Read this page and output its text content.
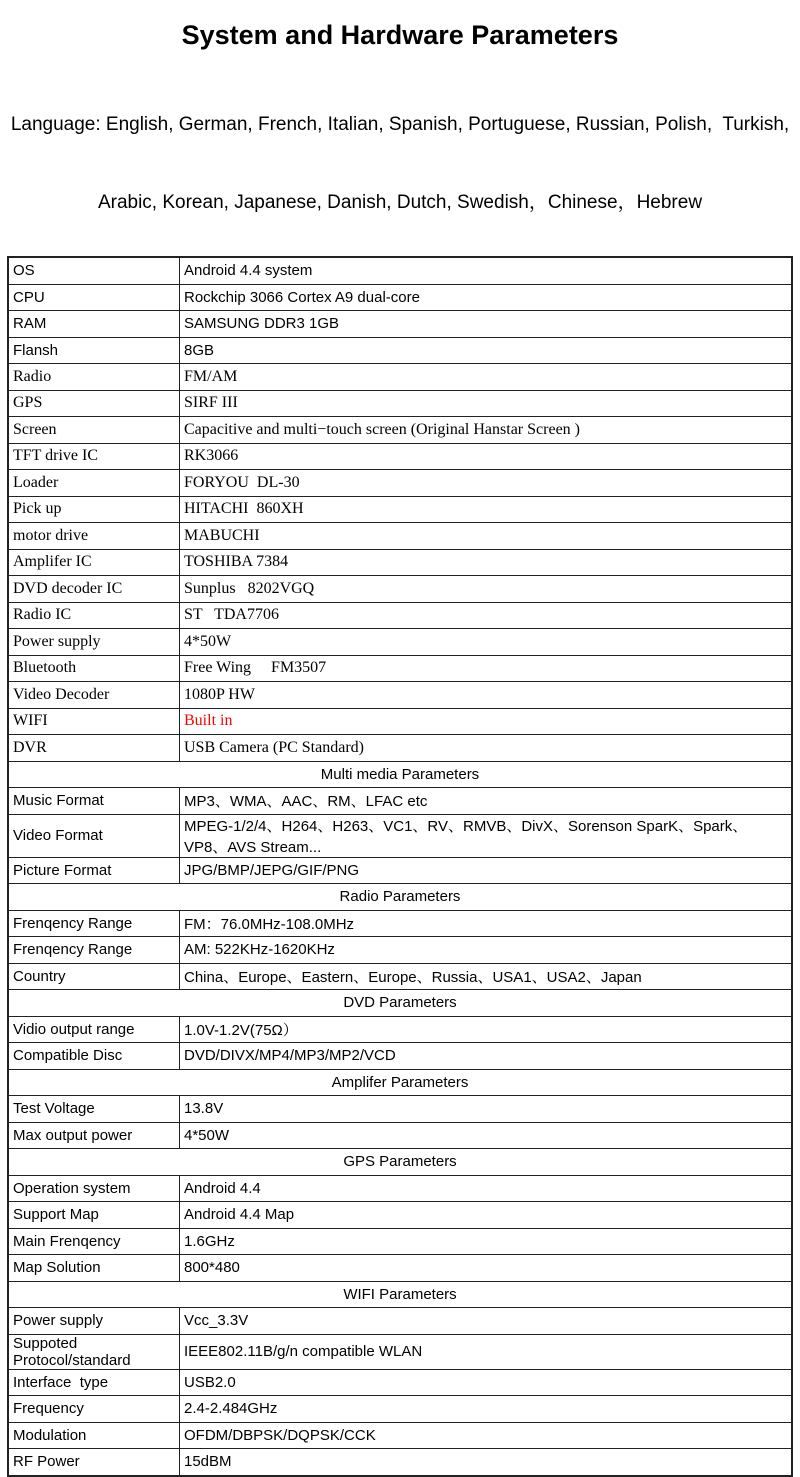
System and Hardware Parameters

Language: English, German, French, Italian, Spanish, Portuguese, Russian, Polish,  Turkish,

Arabic, Korean, Japanese, Danish, Dutch, Swedish，Chinese，Hebrew

OS	Android 4.4 system
CPU	Rockchip 3066 Cortex A9 dual-core
RAM	SAMSUNG DDR3 1GB
Flansh	8GB
Radio	FM/AM
GPS	SIRF III
Screen	Capacitive and multi−touch screen (Original Hanstar Screen )
TFT drive IC	RK3066
Loader	FORYOU  DL-30
Pick up	HITACHI  860XH
motor drive	MABUCHI
Amplifer IC	TOSHIBA 7384
DVD decoder IC	Sunplus   8202VGQ
Radio IC	ST   TDA7706
Power supply	4*50W
Bluetooth	Free Wing     FM3507
Video Decoder	1080P HW
WIFI	Built in
DVR	USB Camera (PC Standard)
Multi media Parameters	
Music Format	MP3、WMA、AAC、RM、LFAC etc
Video Format	MPEG-1/2/4、H264、H263、VC1、RV、RMVB、DivX、Sorenson SparK、Spark、VP8、AVS Stream...
Picture Format	JPG/BMP/JEPG/GIF/PNG
Radio Parameters	
Frenqency Range	FM：76.0MHz-108.0MHz
Frenqency Range	AM: 522KHz-1620KHz
Country	China、Europe、Eastern、Europe、Russia、USA1、USA2、Japan
DVD Parameters	
Vidio output range	1.0V-1.2V(75Ω）
Compatible Disc	DVD/DIVX/MP4/MP3/MP2/VCD
Amplifer Parameters	
Test Voltage	13.8V
Max output power	4*50W
GPS Parameters	
Operation system	Android 4.4
Support Map	Android 4.4 Map
Main Frenqency	1.6GHz
Map Solution	800*480
WIFI Parameters	
Power supply	Vcc_3.3V
Suppoted Protocol/standard	IEEE802.11B/g/n compatible WLAN
Interface  type	USB2.0
Frequency	2.4-2.484GHz
Modulation	OFDM/DBPSK/DQPSK/CCK
RF Power	15dBM
